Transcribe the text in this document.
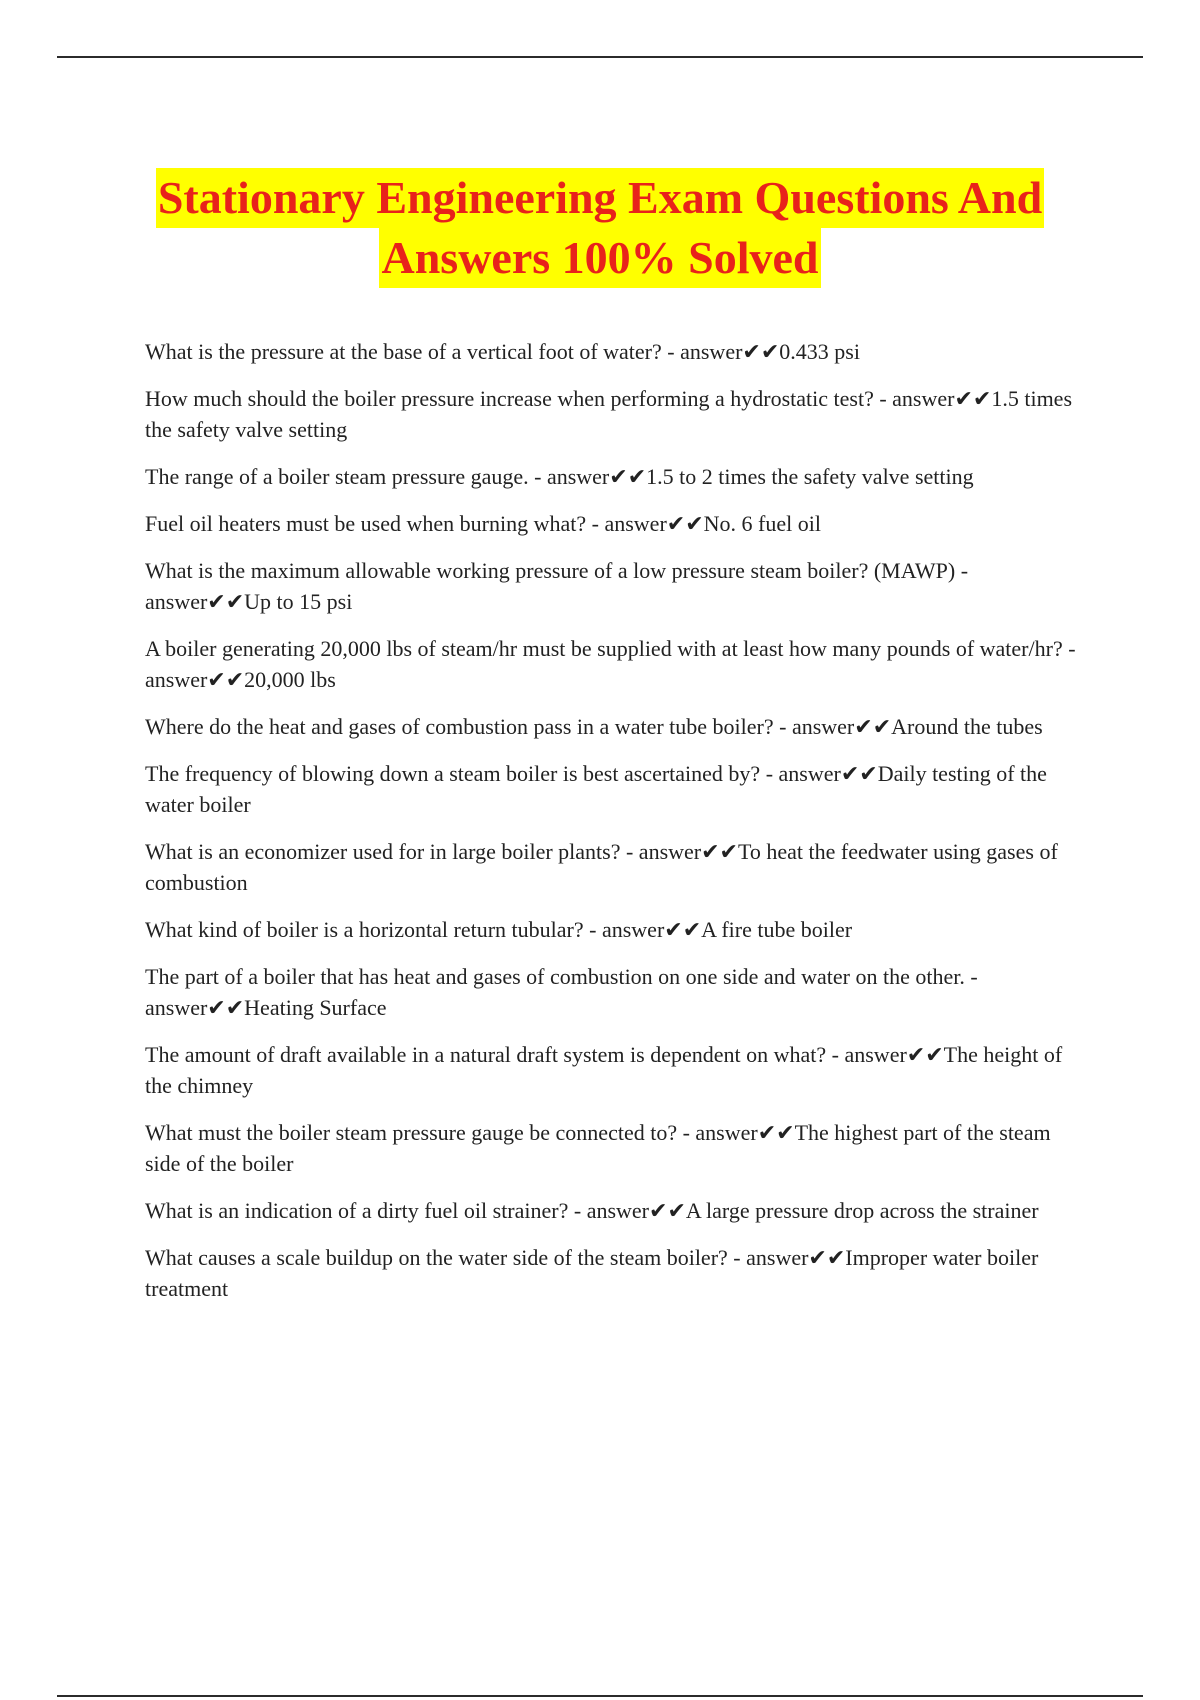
Stationary Engineering Exam Questions And
Answers 100% Solved

What is the pressure at the base of a vertical foot of water? - answer✔✔0.433 psi

How much should the boiler pressure increase when performing a hydrostatic test? - answer✔✔1.5 times the safety valve setting

The range of a boiler steam pressure gauge. - answer✔✔1.5 to 2 times the safety valve setting

Fuel oil heaters must be used when burning what? - answer✔✔No. 6 fuel oil

What is the maximum allowable working pressure of a low pressure steam boiler? (MAWP) - answer✔✔Up to 15 psi

A boiler generating 20,000 lbs of steam/hr must be supplied with at least how many pounds of water/hr? - answer✔✔20,000 lbs

Where do the heat and gases of combustion pass in a water tube boiler? - answer✔✔Around the tubes

The frequency of blowing down a steam boiler is best ascertained by? - answer✔✔Daily testing of the water boiler

What is an economizer used for in large boiler plants? - answer✔✔To heat the feedwater using gases of combustion

What kind of boiler is a horizontal return tubular? - answer✔✔A fire tube boiler

The part of a boiler that has heat and gases of combustion on one side and water on the other. - answer✔✔Heating Surface

The amount of draft available in a natural draft system is dependent on what? - answer✔✔The height of the chimney

What must the boiler steam pressure gauge be connected to? - answer✔✔The highest part of the steam side of the boiler

What is an indication of a dirty fuel oil strainer? - answer✔✔A large pressure drop across the strainer

What causes a scale buildup on the water side of the steam boiler? - answer✔✔Improper water boiler treatment
